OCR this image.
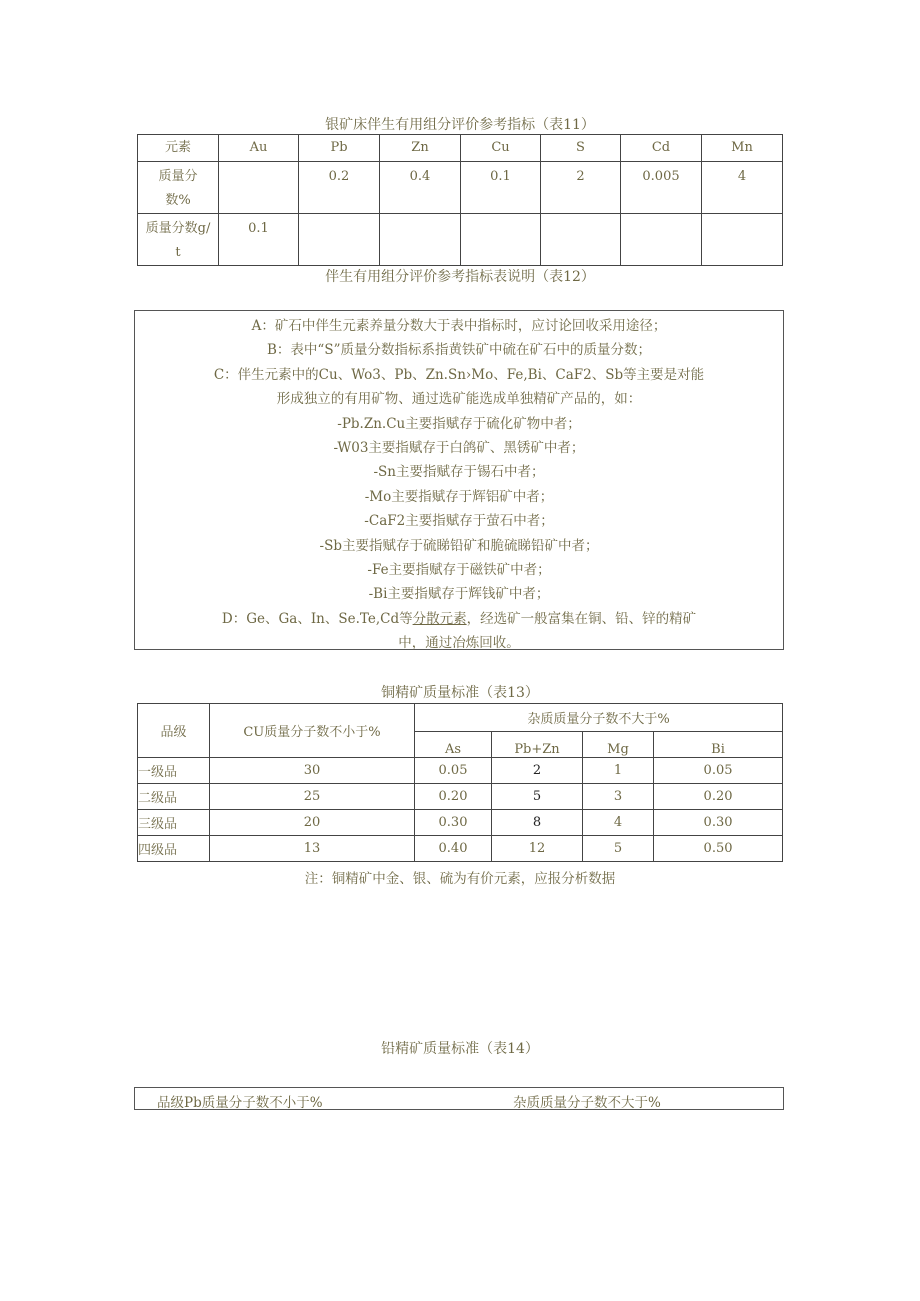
银矿床伴生有用组分评价参考指标（表11）
元素	Au	Pb	Zn	Cu	S	Cd	Mn
质量分数%		0.2	0.4	0.1	2	0.005	4
质量分数g/t	0.1						
伴生有用组分评价参考指标表说明（表12）
A：矿石中伴生元素养量分数大于表中指标时，应讨论回收采用途径；
B：表中“S”质量分数指标系指黄铁矿中硫在矿石中的质量分数；
C：伴生元素中的Cu、Wo3、Pb、Zn.Sn›Mo、Fe,Bi、CaF2、Sb等主要是对能
形成独立的有用矿物、通过选矿能选成单独精矿产品的，如：
-Pb.Zn.Cu主要指赋存于硫化矿物中者；
-W03主要指赋存于白鸽矿、黑锈矿中者；
-Sn主要指赋存于锡石中者；
-Mo主要指赋存于辉铝矿中者；
-CaF2主要指赋存于萤石中者；
-Sb主要指赋存于硫睇铅矿和脆硫睇铅矿中者；
-Fe主要指赋存于磁铁矿中者；
-Bi主要指赋存于辉钱矿中者；
D：Ge、Ga、In、Se.Te,Cd等分散元素，经选矿一般富集在铜、铅、锌的精矿
中，通过冶炼回收。
铜精矿质量标准（表13）
品级	CU质量分子数不小于%	杂质质量分子数不大于%			
		As	Pb+Zn	Mg	Bi
一级品	30	0.05	2	1	0.05
二级品	25	0.20	5	3	0.20
三级品	20	0.30	8	4	0.30
四级品	13	0.40	12	5	0.50
注：铜精矿中金、银、硫为有价元素，应报分析数据
铅精矿质量标准（表14）
品级Pb质量分子数不小于%	杂质质量分子数不大于%
